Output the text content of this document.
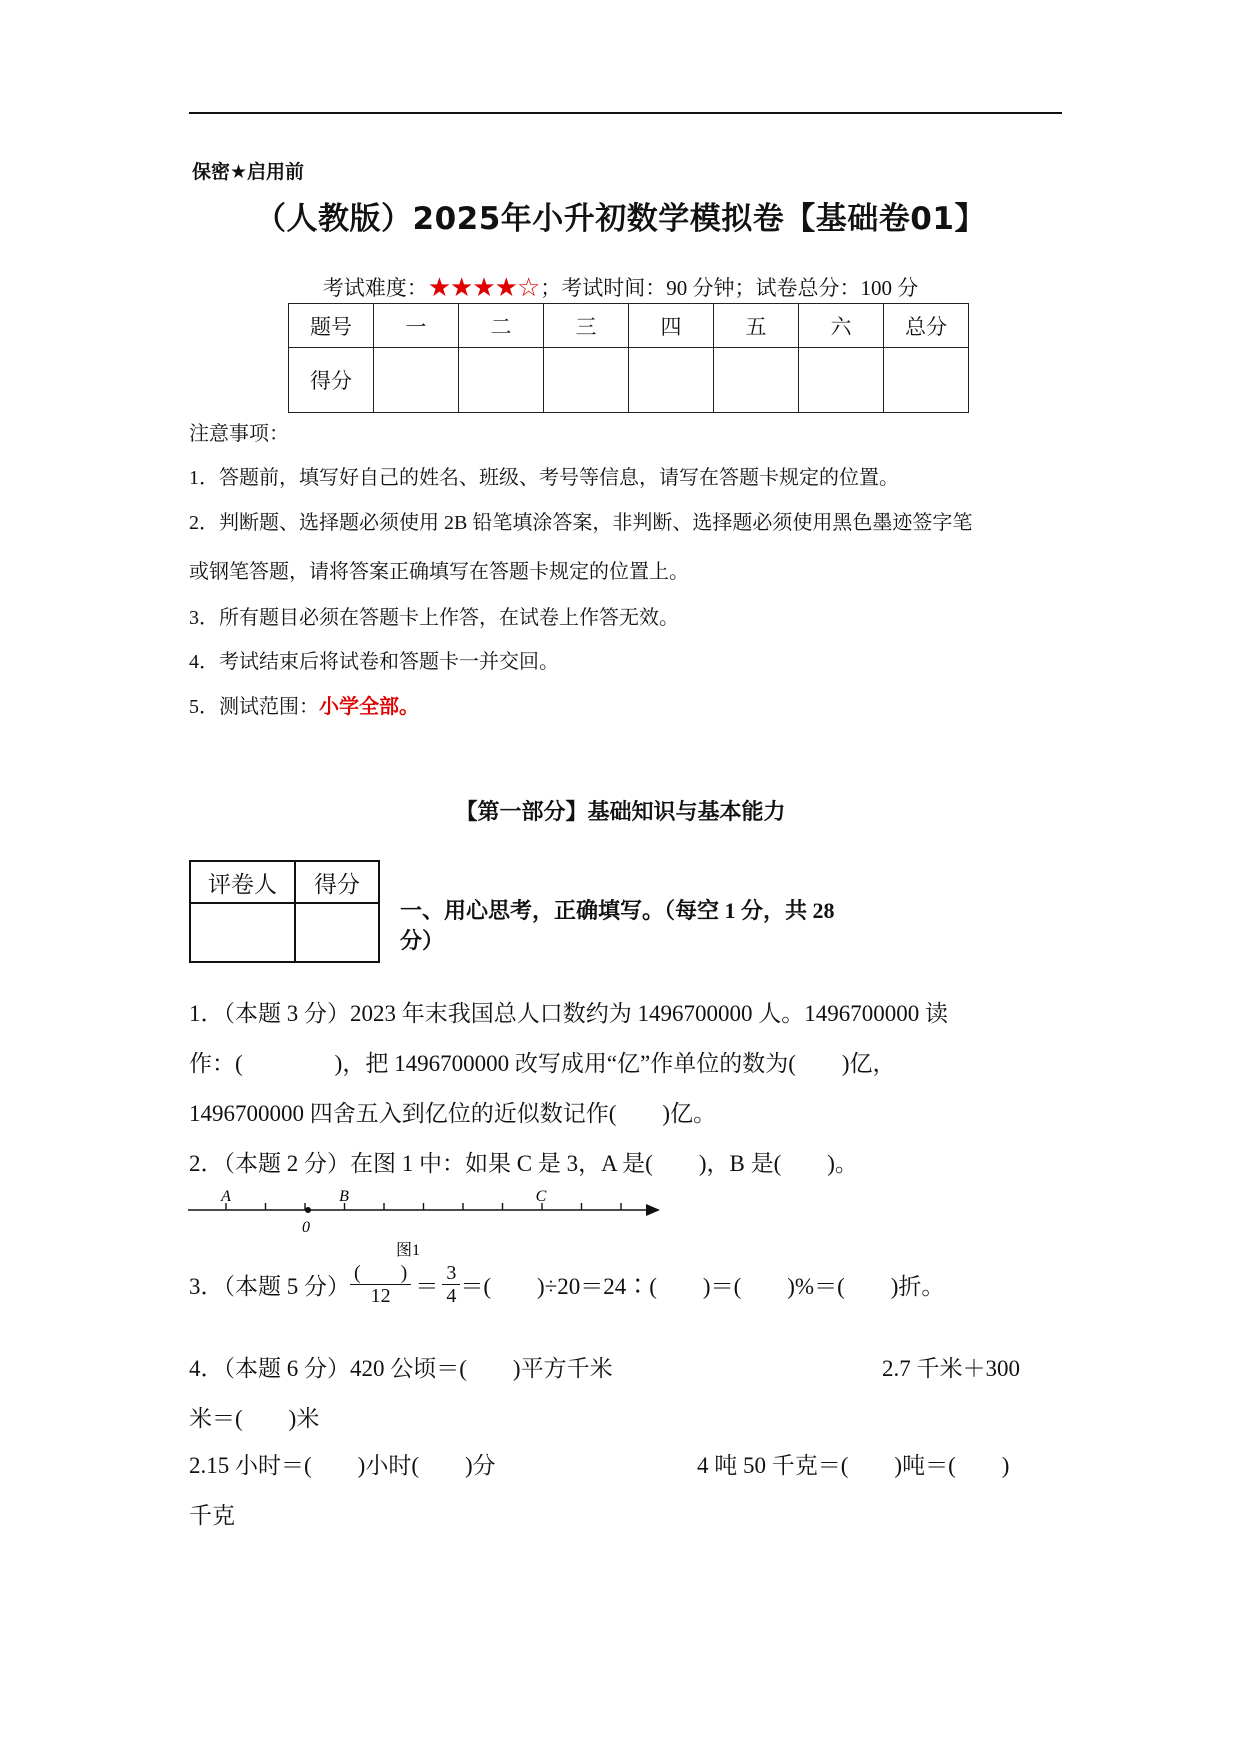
保密★启用前
（人教版）2025年小升初数学模拟卷【基础卷01】
考试难度：★★★★☆；考试时间：90 分钟；试卷总分：100 分
题号	一	二	三	四	五	六	总分
得分							
注意事项：
1．答题前，填写好自己的姓名、班级、考号等信息，请写在答题卡规定的位置。
2．判断题、选择题必须使用 2B 铅笔填涂答案，非判断、选择题必须使用黑色墨迹签字笔
或钢笔答题，请将答案正确填写在答题卡规定的位置上。
3．所有题目必须在答题卡上作答，在试卷上作答无效。
4．考试结束后将试卷和答题卡一并交回。
5．测试范围：小学全部。
【第一部分】基础知识与基本能力
评卷人	得分

一、用心思考，正确填写。（每空 1 分，共 28
分）
1．（本题 3 分）2023 年末我国总人口数约为 1496700000 人。1496700000 读
作：(　　　　)，把 1496700000 改写成用“亿”作单位的数为(　　)亿，
1496700000 四舍五入到亿位的近似数记作(　　)亿。
2．（本题 2 分）在图 1 中：如果 C 是 3，A 是(　　)，B 是(　　)。
A	B	C
0
图1
3．（本题 5 分） $\frac{( )}{12} = \frac{3}{4}$ ＝(　　)÷20＝24∶(　　)＝(　　)%＝(　　)折。
4．（本题 6 分）420 公顷＝(　　)平方千米	2.7 千米＋300
米＝(　　)米
2.15 小时＝(　　)小时(　　)分	4 吨 50 千克＝(　　)吨＝(　　)
千克
